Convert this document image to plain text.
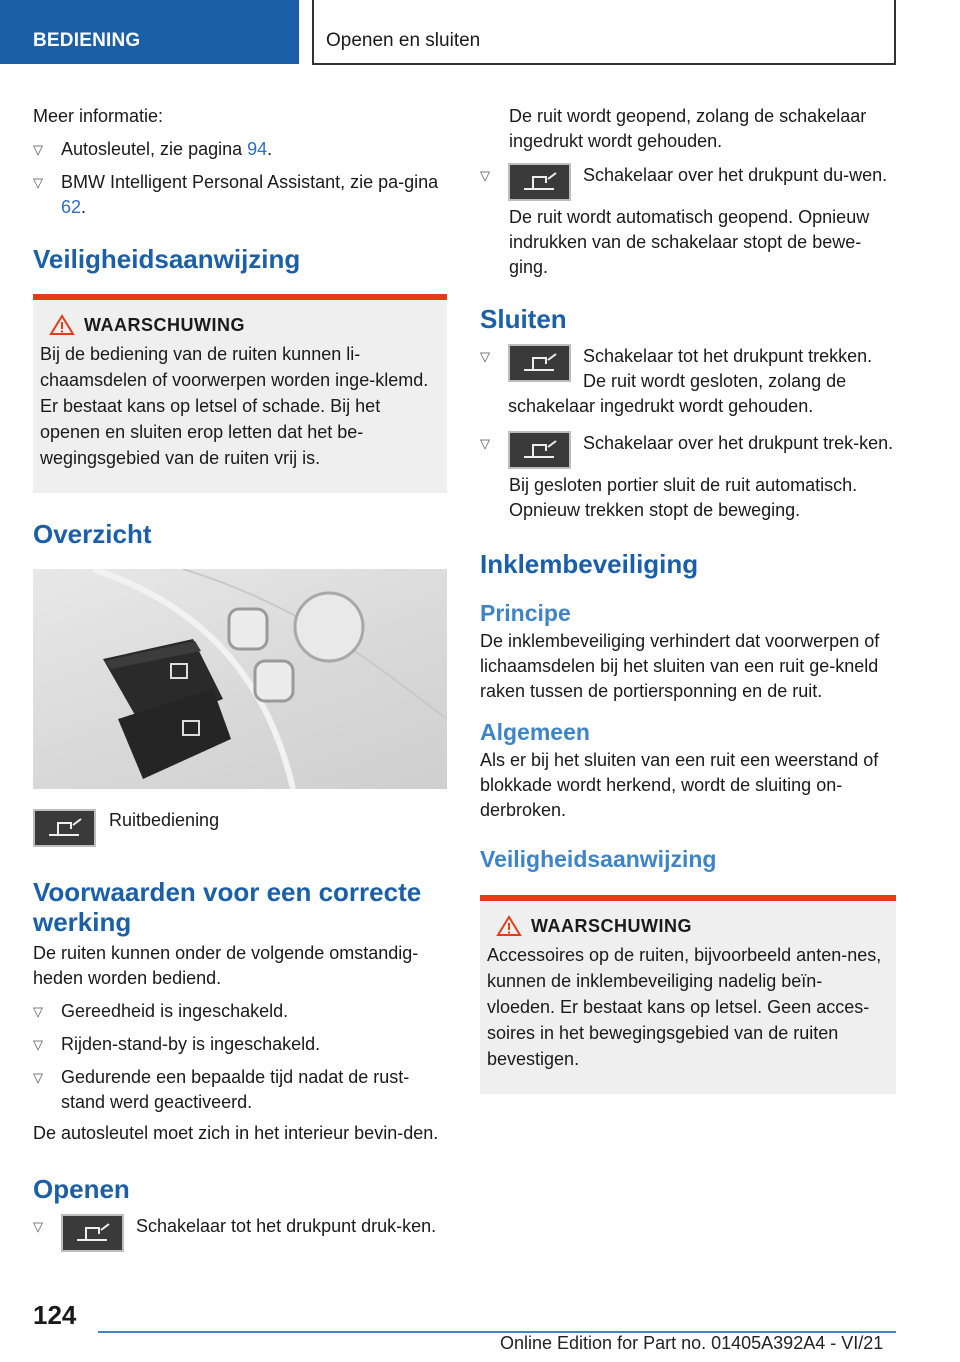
BEDIENING	Openen en sluiten

Meer informatie:

▽ Autosleutel, zie pagina 94.
▽ BMW Intelligent Personal Assistant, zie pa-gina 62.
Veiligheidsaanwijzing
WAARSCHUWING

Bij de bediening van de ruiten kunnen li-chaamsdelen of voorwerpen worden inge-klemd. Er bestaat kans op letsel of schade. Bij het openen en sluiten erop letten dat het be-wegingsgebied van de ruiten vrij is.

Overzicht
Ruitbediening
Voorwaarden voor een correcte werking

De ruiten kunnen onder de volgende omstandig-heden worden bediend.

▽ Gereedheid is ingeschakeld.
▽ Rijden-stand-by is ingeschakeld.
▽ Gedurende een bepaalde tijd nadat de rust-stand werd geactiveerd.

De autosleutel moet zich in het interieur bevin-den.

Openen
▽	Schakelaar tot het drukpunt druk-ken.

De ruit wordt geopend, zolang de schakelaar ingedrukt wordt gehouden.

▽	Schakelaar over het drukpunt du-wen.

De ruit wordt automatisch geopend. Opnieuw indrukken van de schakelaar stopt de bewe-ging.

Sluiten
▽	Schakelaar tot het drukpunt trekken. De ruit wordt gesloten, zolang de schakelaar ingedrukt wordt gehouden.
▽	Schakelaar over het drukpunt trek-ken.

Bij gesloten portier sluit de ruit automatisch. Opnieuw trekken stopt de beweging.

Inklembeveiliging
Principe

De inklembeveiliging verhindert dat voorwerpen of lichaamsdelen bij het sluiten van een ruit ge-kneld raken tussen de portiersponning en de ruit.

Algemeen

Als er bij het sluiten van een ruit een weerstand of blokkade wordt herkend, wordt de sluiting on-derbroken.

Veiligheidsaanwijzing
WAARSCHUWING

Accessoires op de ruiten, bijvoorbeeld anten-nes, kunnen de inklembeveiliging nadelig beïn-vloeden. Er bestaat kans op letsel. Geen acces-soires in het bewegingsgebied van de ruiten bevestigen.

124
Online Edition for Part no. 01405A392A4 - VI/21
